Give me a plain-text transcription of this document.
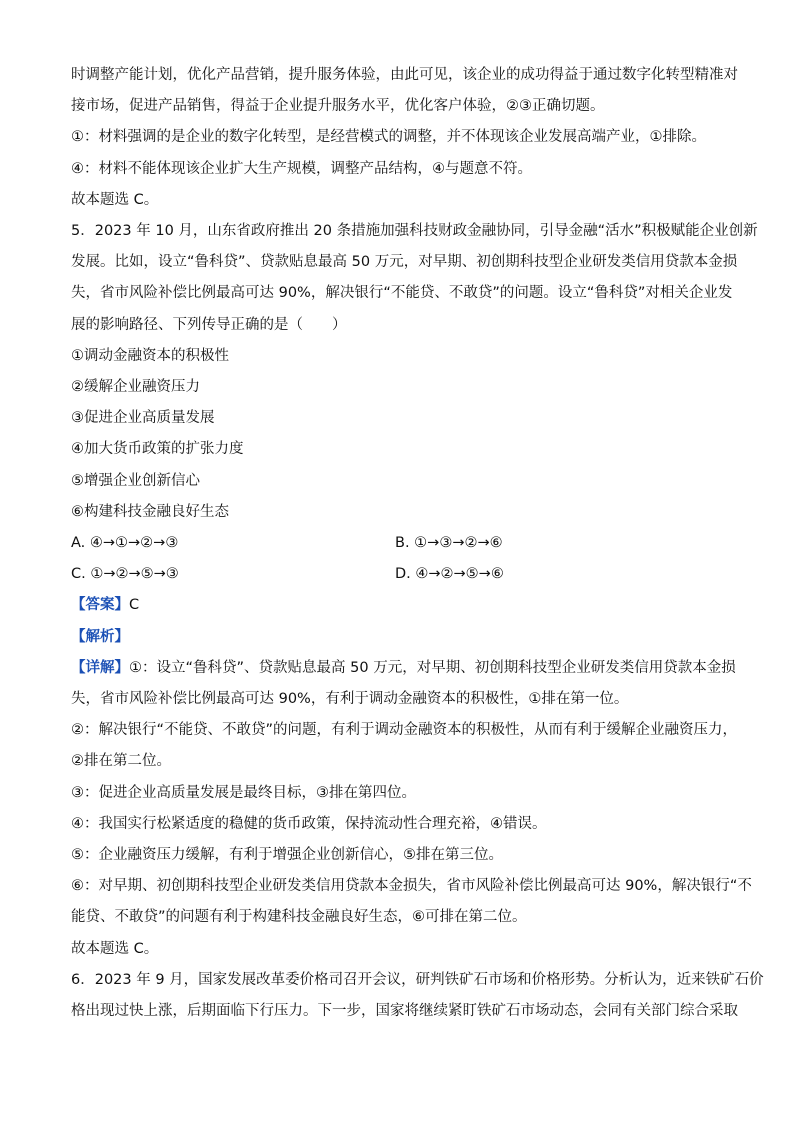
时调整产能计划，优化产品营销，提升服务体验，由此可见，该企业的成功得益于通过数字化转型精准对
接市场，促进产品销售，得益于企业提升服务水平，优化客户体验，②③正确切题。
①：材料强调的是企业的数字化转型，是经营模式的调整，并不体现该企业发展高端产业，①排除。
④：材料不能体现该企业扩大生产规模，调整产品结构，④与题意不符。
故本题选 C。
5．2023 年 10 月，山东省政府推出 20 条措施加强科技财政金融协同，引导金融“活水”积极赋能企业创新
发展。比如，设立“鲁科贷”、贷款贴息最高 50 万元，对早期、初创期科技型企业研发类信用贷款本金损
失，省市风险补偿比例最高可达 90%，解决银行“不能贷、不敢贷”的问题。设立“鲁科贷”对相关企业发
展的影响路径、下列传导正确的是（　　）
①调动金融资本的积极性
②缓解企业融资压力
③促进企业高质量发展
④加大货币政策的扩张力度
⑤增强企业创新信心
⑥构建科技金融良好生态
A. ④→①→②→③	B. ①→③→②→⑥
C. ①→②→⑤→③	D. ④→②→⑤→⑥
【答案】C
【解析】
【详解】①：设立“鲁科贷”、贷款贴息最高 50 万元，对早期、初创期科技型企业研发类信用贷款本金损
失，省市风险补偿比例最高可达 90%，有利于调动金融资本的积极性，①排在第一位。
②：解决银行“不能贷、不敢贷”的问题，有利于调动金融资本的积极性，从而有利于缓解企业融资压力，
②排在第二位。
③：促进企业高质量发展是最终目标，③排在第四位。
④：我国实行松紧适度的稳健的货币政策，保持流动性合理充裕，④错误。
⑤：企业融资压力缓解，有利于增强企业创新信心，⑤排在第三位。
⑥：对早期、初创期科技型企业研发类信用贷款本金损失，省市风险补偿比例最高可达 90%，解决银行“不
能贷、不敢贷”的问题有利于构建科技金融良好生态，⑥可排在第二位。
故本题选 C。
6．2023 年 9 月，国家发展改革委价格司召开会议，研判铁矿石市场和价格形势。分析认为，近来铁矿石价
格出现过快上涨，后期面临下行压力。下一步，国家将继续紧盯铁矿石市场动态，会同有关部门综合采取
